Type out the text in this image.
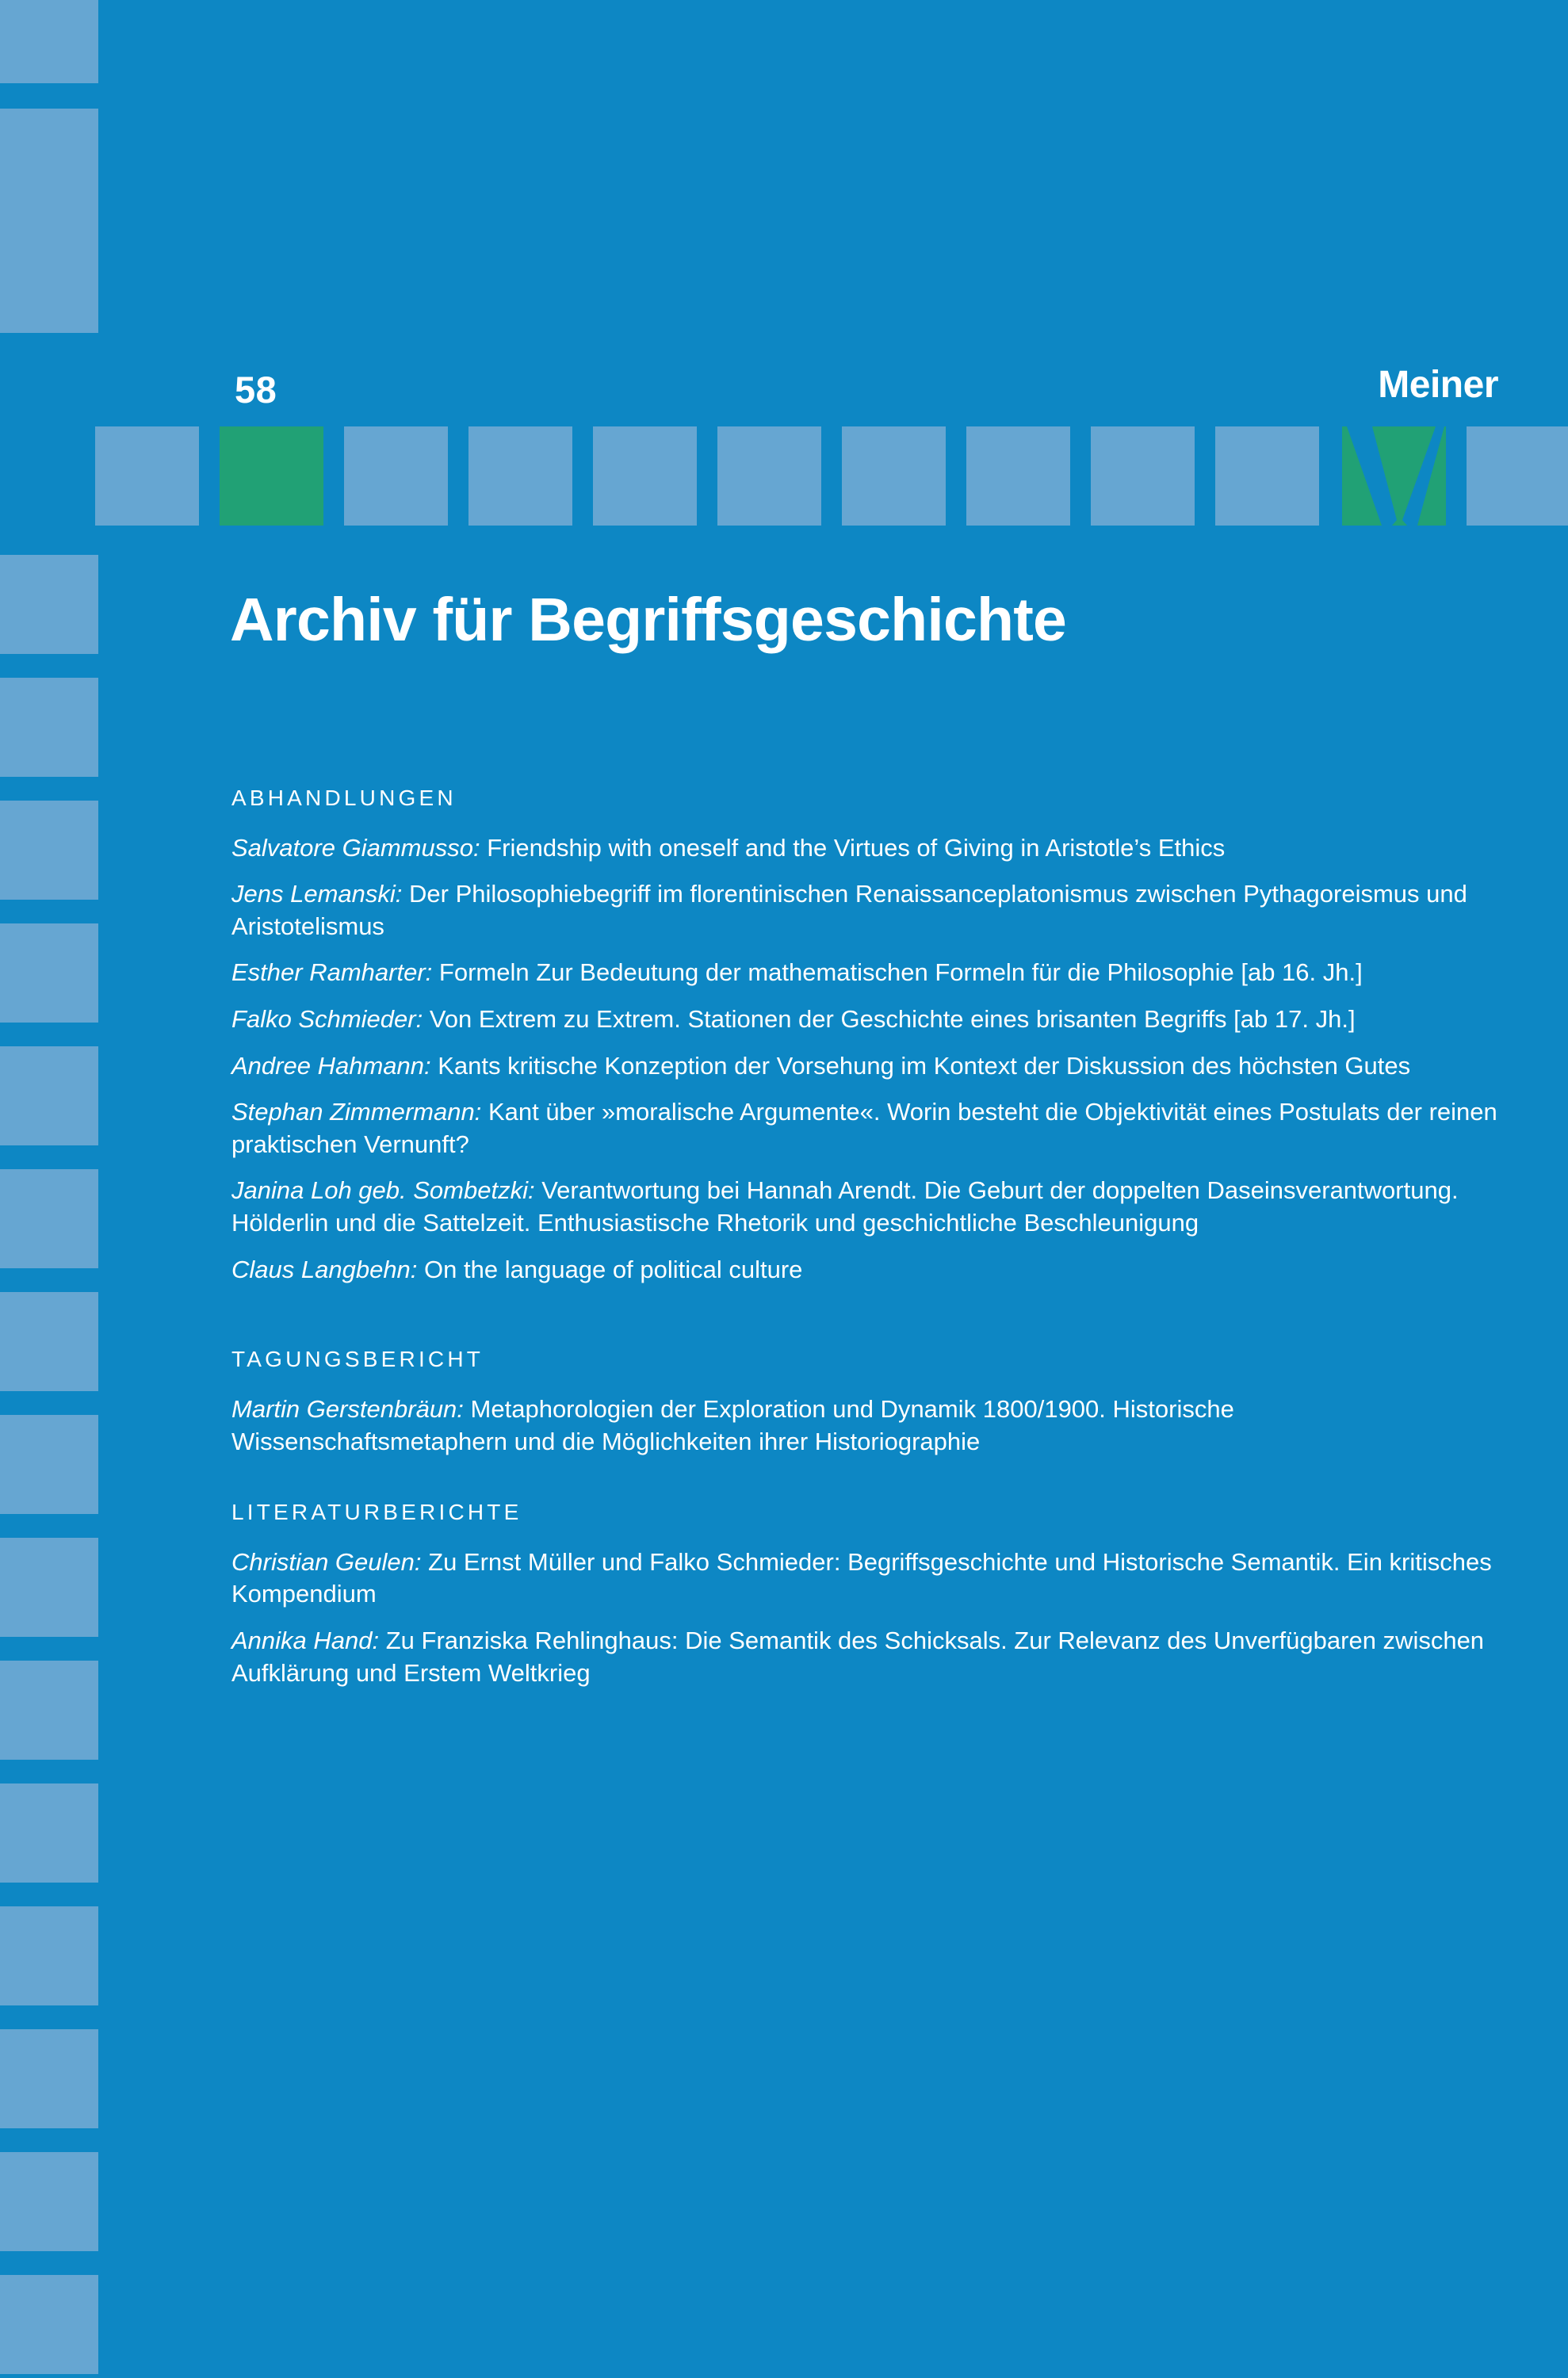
58	Meiner
Archiv für Begriffsgeschichte
ABHANDLUNGEN
Salvatore Giammusso: Friendship with oneself and the Virtues of Giving in Aristotle’s Ethics
Jens Lemanski: Der Philosophiebegriff im florentinischen Renaissanceplatonismus zwischen Pythagoreismus und Aristotelismus
Esther Ramharter: Formeln Zur Bedeutung der mathematischen Formeln für die Philosophie [ab 16. Jh.]
Falko Schmieder: Von Extrem zu Extrem. Stationen der Geschichte eines brisanten Begriffs [ab 17. Jh.]
Andree Hahmann: Kants kritische Konzeption der Vorsehung im Kontext der Diskussion des höchsten Gutes
Stephan Zimmermann: Kant über »moralische Argumente«. Worin besteht die Objektivität eines Postulats der reinen praktischen Vernunft?
Janina Loh geb. Sombetzki: Verantwortung bei Hannah Arendt. Die Geburt der doppelten Daseinsverantwortung. Hölderlin und die Sattelzeit. Enthusiastische Rhetorik und geschichtliche Beschleunigung
Claus Langbehn: On the language of political culture
TAGUNGSBERICHT
Martin Gerstenbräun: Metaphorologien der Exploration und Dynamik 1800/1900. Historische Wissenschaftsmetaphern und die Möglichkeiten ihrer Historiographie
LITERATURBERICHTE
Christian Geulen: Zu Ernst Müller und Falko Schmieder: Begriffsgeschichte und Historische Semantik. Ein kritisches Kompendium
Annika Hand: Zu Franziska Rehlinghaus: Die Semantik des Schicksals. Zur Relevanz des Unverfügbaren zwischen Aufklärung und Erstem Weltkrieg
